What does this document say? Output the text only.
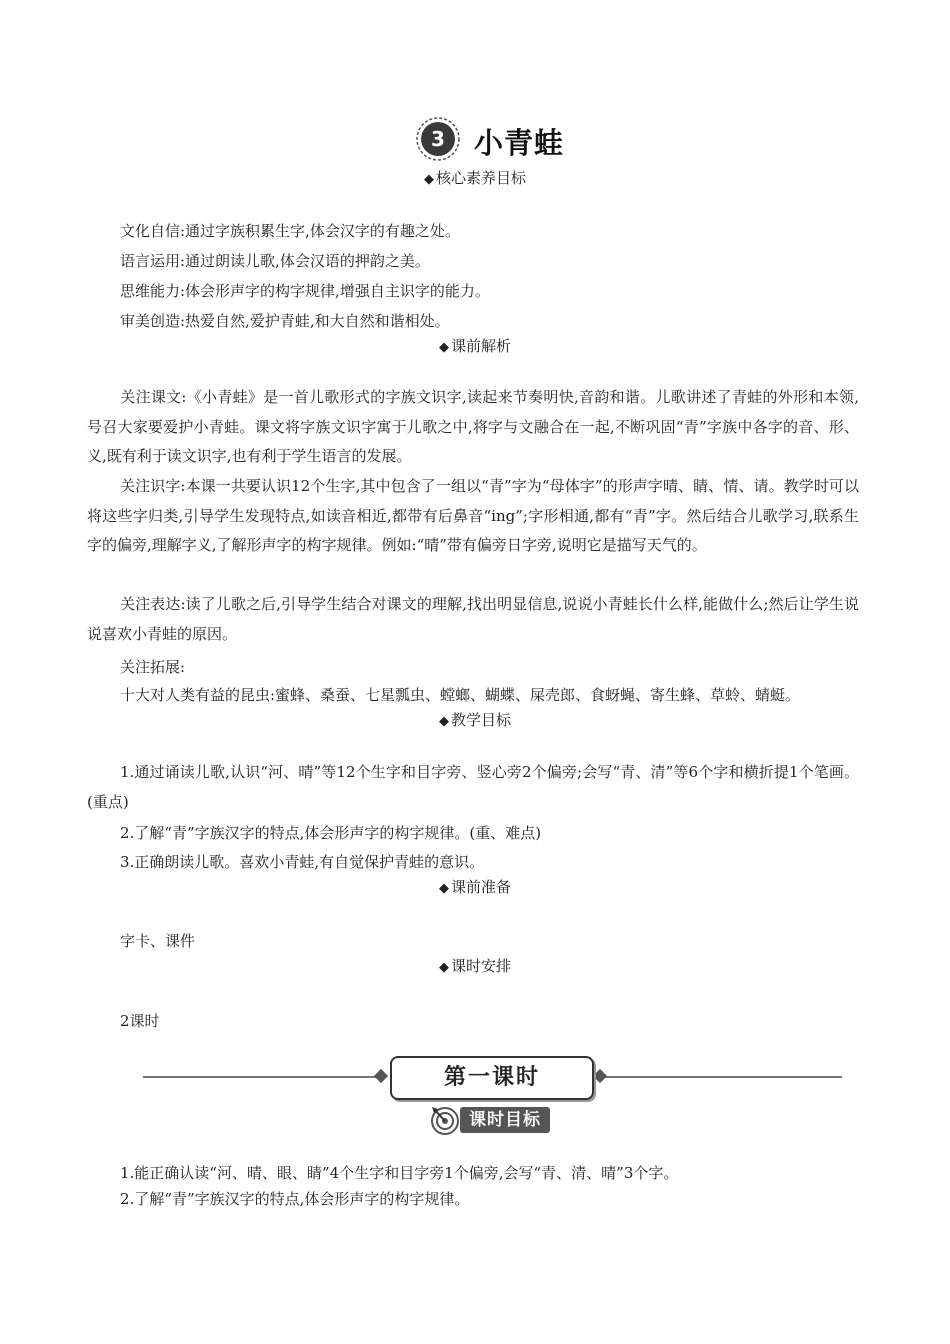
3 小青蛙
◆ 核心素养目标
文化自信:通过字族积累生字,体会汉字的有趣之处。
语言运用:通过朗读儿歌,体会汉语的押韵之美。
思维能力:体会形声字的构字规律,增强自主识字的能力。
审美创造:热爱自然,爱护青蛙,和大自然和谐相处。
◆ 课前解析
关注课文:《小青蛙》是一首儿歌形式的字族文识字,读起来节奏明快,音韵和谐。儿歌讲述了青蛙的外形和本领,号召大家要爱护小青蛙。课文将字族文识字寓于儿歌之中,将字与文融合在一起,不断巩固“青”字族中各字的音、形、义,既有利于读文识字,也有利于学生语言的发展。
关注识字:本课一共要认识12个生字,其中包含了一组以“青”字为“母体字”的形声字晴、睛、情、请。教学时可以将这些字归类,引导学生发现特点,如读音相近,都带有后鼻音“ing”;字形相通,都有“青”字。然后结合儿歌学习,联系生字的偏旁,理解字义,了解形声字的构字规律。例如:“晴”带有偏旁日字旁,说明它是描写天气的。
关注表达:读了儿歌之后,引导学生结合对课文的理解,找出明显信息,说说小青蛙长什么样,能做什么;然后让学生说说喜欢小青蛙的原因。
关注拓展:
十大对人类有益的昆虫:蜜蜂、桑蚕、七星瓢虫、螳螂、蝴蝶、屎壳郎、食蚜蝇、寄生蜂、草蛉、蜻蜓。
◆ 教学目标
1.通过诵读儿歌,认识“河、晴”等12个生字和目字旁、竖心旁2个偏旁;会写“青、清”等6个字和横折提1个笔画。(重点)
2.了解“青”字族汉字的特点,体会形声字的构字规律。(重、难点)
3.正确朗读儿歌。喜欢小青蛙,有自觉保护青蛙的意识。
◆ 课前准备
字卡、课件
◆ 课时安排
2课时
第一课时
课时目标
1.能正确认读“河、晴、眼、睛”4个生字和目字旁1个偏旁,会写“青、清、晴”3个字。
2.了解“青”字族汉字的特点,体会形声字的构字规律。
